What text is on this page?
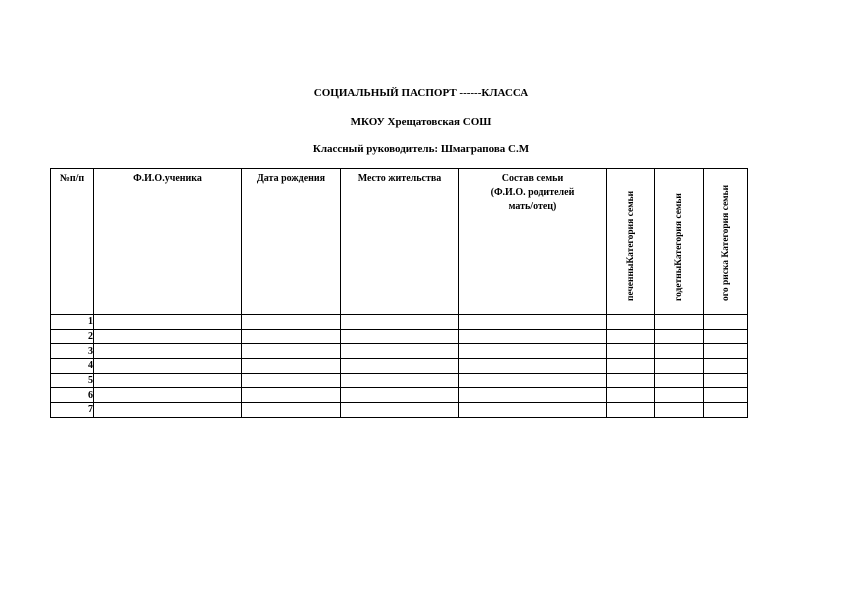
СОЦИАЛЬНЫЙ ПАСПОРТ ------КЛАССА
МКОУ Хрещатовская СОШ
Классный руководитель: Шмаграпова С.М
№п/п	Ф.И.О.ученика	Дата рождения	Место жительства	Состав семьи
(Ф.И.О. родителей
мать/отец)	печенныКатегория семьи	годетныКатегория семьи	ого риска Категория семьи

1							
2							
3							
4							
5							
6							
7							
